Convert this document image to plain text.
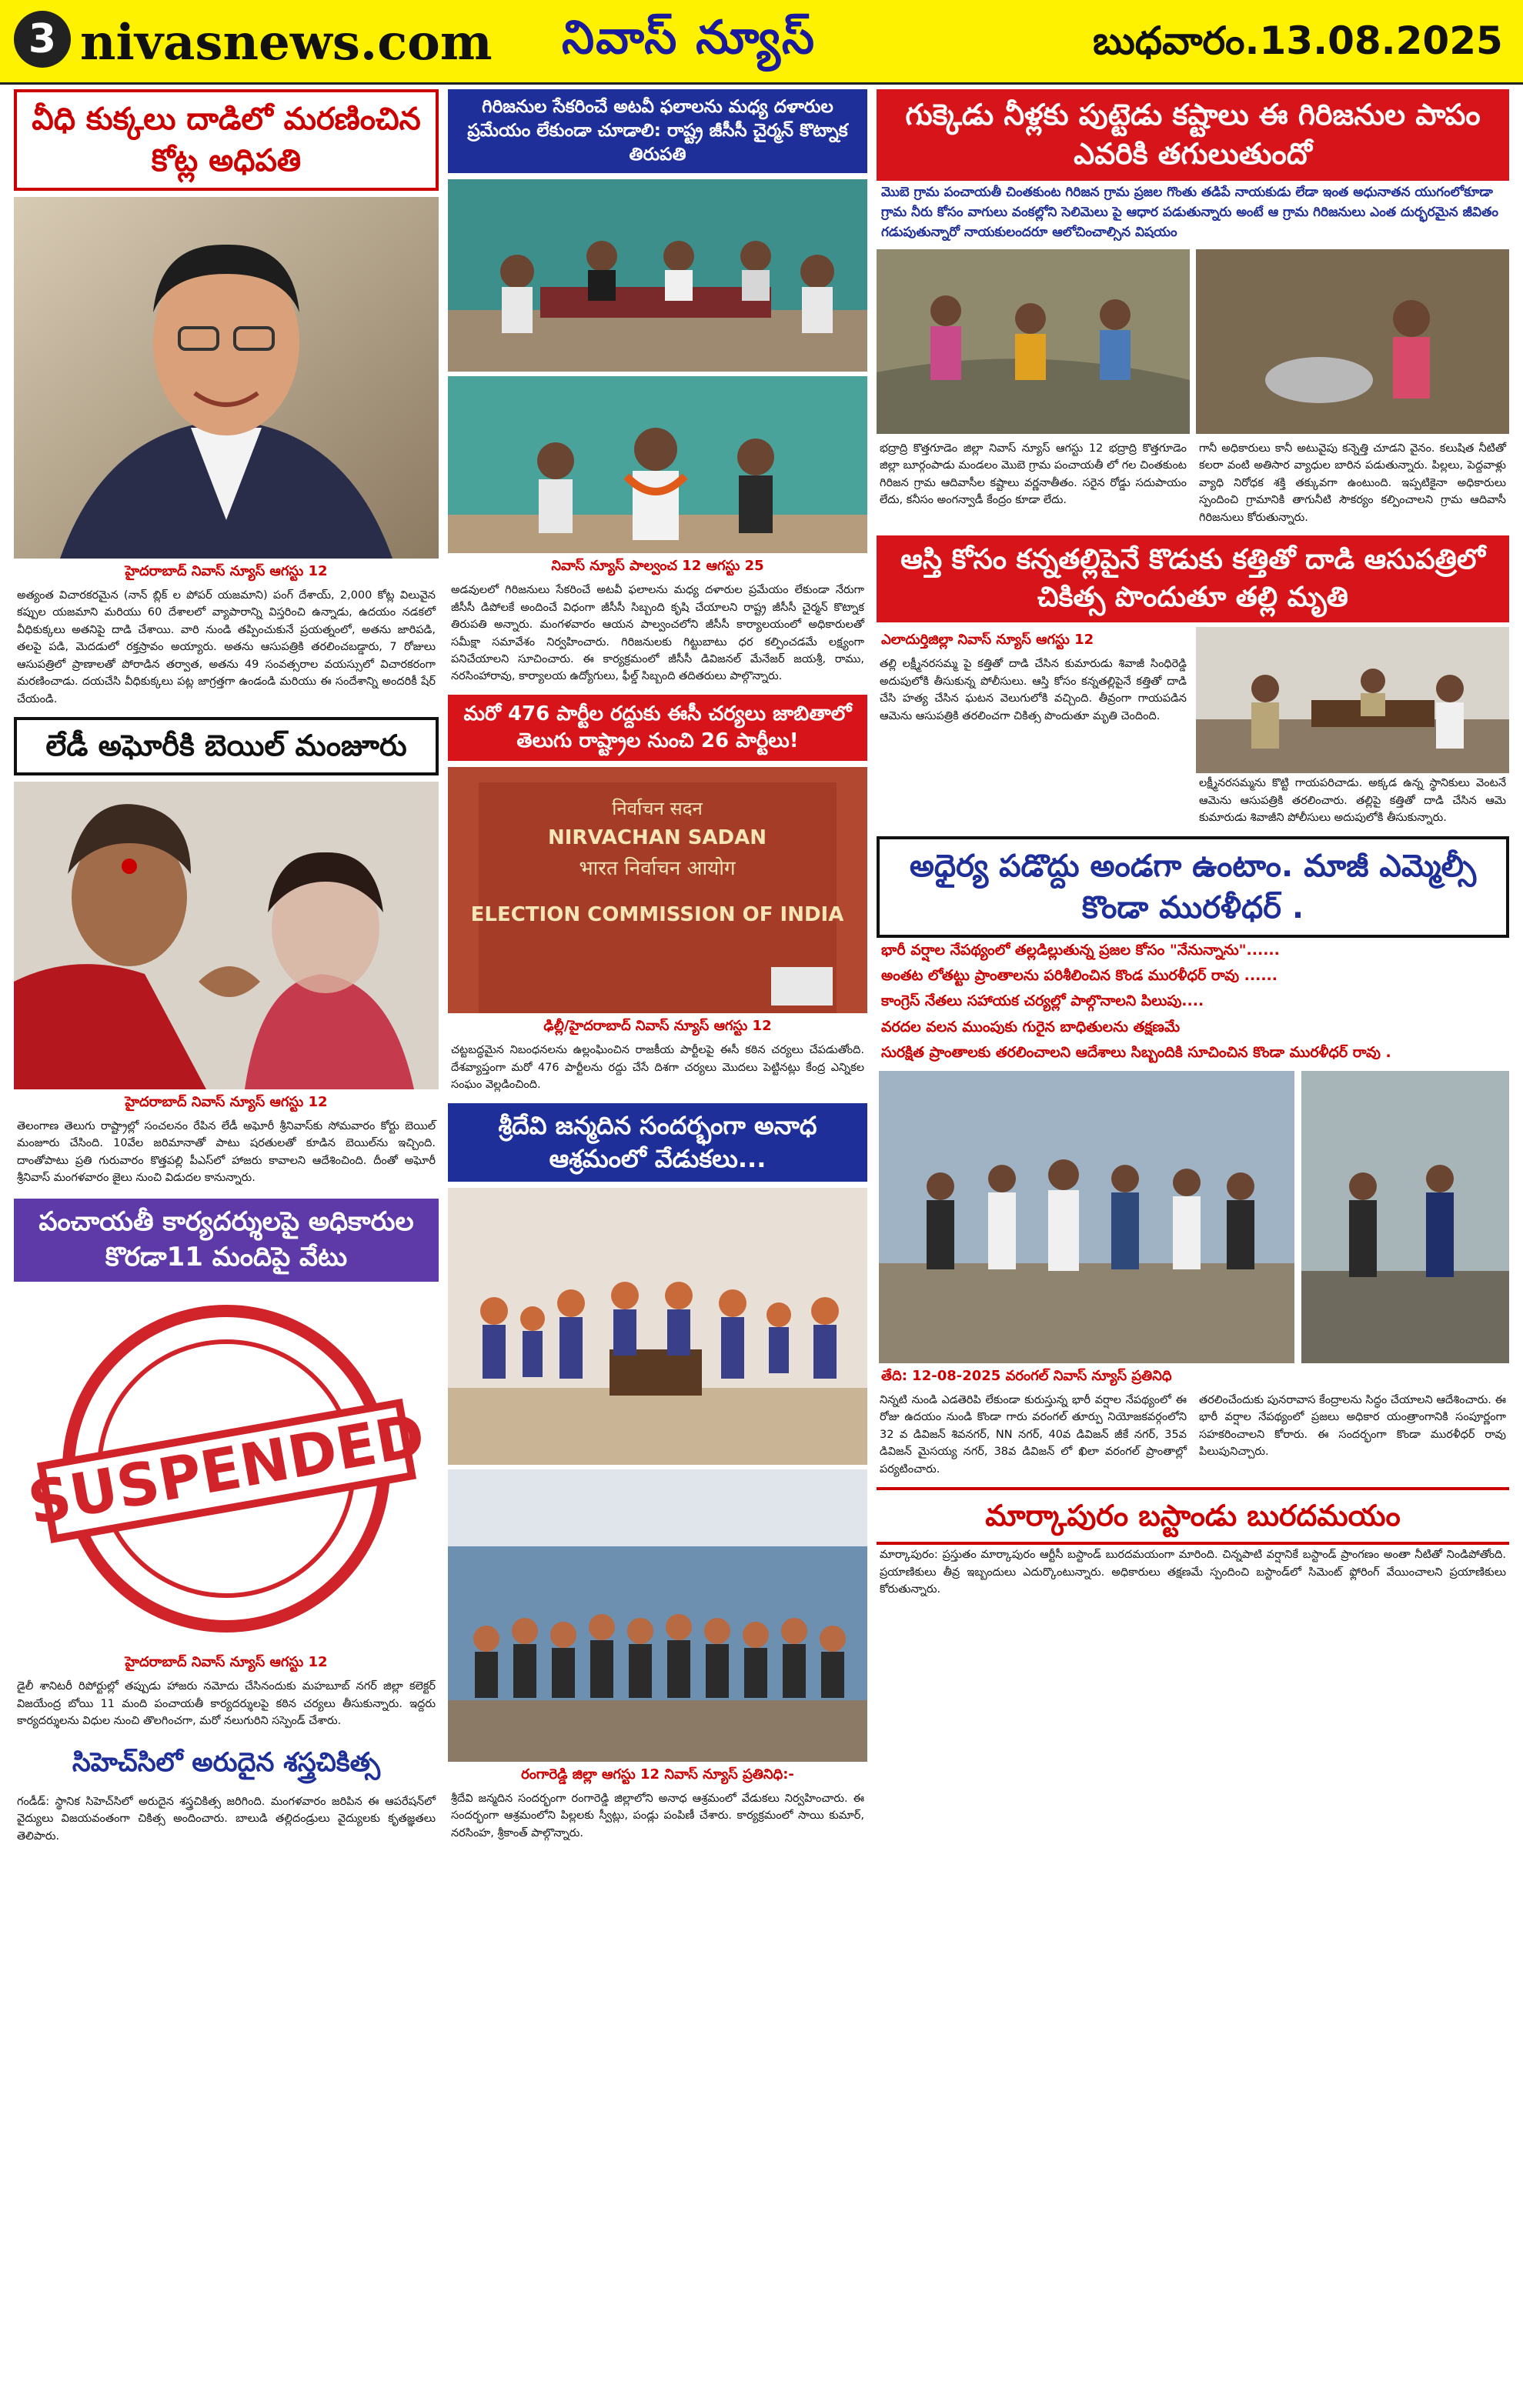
3 nivasnews.com నివాస్ న్యూస్	బుధవారం.13.08.2025
వీధి కుక్కలు దాడిలో మరణించిన కోట్ల అధిపతి
హైదరాబాద్ నివాస్ న్యూస్ ఆగస్టు 12
అత్యంత విచారకరమైన (నాన్ బ్లిక్ ల పోపర్ యజమాని) పంగ్ దేశాయ్, 2,000 కోట్ల విలువైన కప్పుల యజమాని మరియు 60 దేశాలలో వ్యాపారాన్ని విస్తరించి ఉన్నాడు, ఉదయం నడకలో వీధికుక్కలు అతనిపై దాడి చేశాయి. వారి నుండి తప్పించుకునే ప్రయత్నంలో, అతను జారిపడి, తలపై పడి, మెదడులో రక్తస్రావం అయ్యారు. అతను ఆసుపత్రికి తరలించబడ్డారు, 7 రోజులు ఆసుపత్రిలో ప్రాణాలతో పోరాడిన తర్వాత, అతను 49 సంవత్సరాల వయస్సులో విచారకరంగా మరణించాడు. దయచేసి వీధికుక్కలు పట్ల జాగ్రత్తగా ఉండండి మరియు ఈ సందేశాన్ని అందరికీ షేర్ చేయండి.
లేడీ అఘోరీకి బెయిల్ మంజూరు
హైదరాబాద్ నివాస్ న్యూస్ ఆగస్టు 12
తెలంగాణ తెలుగు రాష్ట్రాల్లో సంచలనం రేపిన లేడీ అఘోరీ శ్రీనివాస్‌కు సోమవారం కోర్టు బెయిల్ మంజూరు చేసింది. 10వేల జరిమానాతో పాటు షరతులతో కూడిన బెయిల్‌ను ఇచ్చింది. దాంతోపాటు ప్రతి గురువారం కొత్తపల్లి పీఎస్‌లో హాజరు కావాలని ఆదేశించింది. దీంతో అఘోరీ శ్రీనివాస్ మంగళవారం జైలు నుంచి విడుదల కానున్నారు.
పంచాయతీ కార్యదర్శులపై అధికారుల కొరడా11 మందిపై వేటు
SUSPENDED
హైదరాబాద్ నివాస్ న్యూస్ ఆగస్టు 12
డైలీ శానిటరీ రిపోర్టుల్లో తప్పుడు హాజరు నమోదు చేసినందుకు మహబూబ్ నగర్ జిల్లా కలెక్టర్ విజయేంద్ర బోయి 11 మంది పంచాయతీ కార్యదర్శులపై కఠిన చర్యలు తీసుకున్నారు. ఇద్దరు కార్యదర్శులను విధుల నుంచి తొలగించగా, మరో నలుగురిని సస్పెండ్ చేశారు.
సిహెచ్‌సిలో అరుదైన శస్త్రచికిత్స
గండీడ్: స్థానిక సిహెచ్‌సిలో అరుదైన శస్త్రచికిత్స జరిగింది. మంగళవారం జరిపిన ఈ ఆపరేషన్‌లో వైద్యులు విజయవంతంగా చికిత్స అందించారు. బాలుడి తల్లిదండ్రులు వైద్యులకు కృతజ్ఞతలు తెలిపారు.
గిరిజనుల సేకరించే అటవీ ఫలాలను మధ్య దళారుల ప్రమేయం లేకుండా చూడాలి: రాష్ట్ర జీసీసీ చైర్మన్ కొట్నాక తిరుపతి
నివాస్ న్యూస్ పాల్వంచ 12 ఆగస్టు 25
అడవులలో గిరిజనులు సేకరించే అటవీ ఫలాలను మధ్య దళారుల ప్రమేయం లేకుండా నేరుగా జీసీసీ డిపోలకే అందించే విధంగా జీసీసీ సిబ్బంది కృషి చేయాలని రాష్ట్ర జీసీసీ చైర్మన్ కొట్నాక తిరుపతి అన్నారు. మంగళవారం ఆయన పాల్వంచలోని జీసీసీ కార్యాలయంలో అధికారులతో సమీక్షా సమావేశం నిర్వహించారు. గిరిజనులకు గిట్టుబాటు ధర కల్పించడమే లక్ష్యంగా పనిచేయాలని సూచించారు. ఈ కార్యక్రమంలో జీసీసీ డివిజనల్ మేనేజర్ జయశ్రీ, రాము, నరసింహారావు, కార్యాలయ ఉద్యోగులు, ఫీల్డ్ సిబ్బంది తదితరులు పాల్గొన్నారు.
మరో 476 పార్టీల రద్దుకు ఈసీ చర్యలు జాబితాలో తెలుగు రాష్ట్రాల నుంచి 26 పార్టీలు!
निर्वाचन सदन
NIRVACHAN SADAN
भारत निर्वाचन आयोग
ELECTION COMMISSION OF INDIA
ఢిల్లీ/హైదరాబాద్ నివాస్ న్యూస్ ఆగస్టు 12
చట్టబద్ధమైన నిబంధనలను ఉల్లంఘించిన రాజకీయ పార్టీలపై ఈసీ కఠిన చర్యలు చేపడుతోంది. దేశవ్యాప్తంగా మరో 476 పార్టీలను రద్దు చేసే దిశగా చర్యలు మొదలు పెట్టినట్లు కేంద్ర ఎన్నికల సంఘం వెల్లడించింది.
శ్రీదేవి జన్మదిన సందర్భంగా అనాధ ఆశ్రమంలో వేడుకలు...
రంగారెడ్డి జిల్లా ఆగస్టు 12 నివాస్ న్యూస్ ప్రతినిధి:-
శ్రీదేవి జన్మదిన సందర్భంగా రంగారెడ్డి జిల్లాలోని అనాధ ఆశ్రమంలో వేడుకలు నిర్వహించారు. ఈ సందర్భంగా ఆశ్రమంలోని పిల్లలకు స్వీట్లు, పండ్లు పంపిణీ చేశారు. కార్యక్రమంలో సాయి కుమార్, నరసింహ, శ్రీకాంత్ పాల్గొన్నారు.
గుక్కెడు నీళ్లకు పుట్టెడు కష్టాలు ఈ గిరిజనుల పాపం ఎవరికి తగులుతుందో
మొబె గ్రామ పంచాయతీ చింతకుంట గిరిజన గ్రామ ప్రజల గొంతు తడిపే నాయకుడు లేడా ఇంత అధునాతన యుగంలోకూడా గ్రామ నీరు కోసం వాగులు వంకల్లోని సెలిమెలు పై ఆధార పడుతున్నారు అంటే ఆ గ్రామ గిరిజనులు ఎంత దుర్భరమైన జీవితం గడుపుతున్నారో నాయకులందరూ ఆలోచించాల్సిన విషయం
భద్రాద్రి కొత్తగూడెం జిల్లా నివాస్ న్యూస్ ఆగస్టు 12 భద్రాద్రి కొత్తగూడెం జిల్లా బూర్గంపాడు మండలం మొబె గ్రామ పంచాయతీ లో గల చింతకుంట గిరిజన గ్రామ ఆదివాసీల కష్టాలు వర్ణనాతీతం. సరైన రోడ్డు సదుపాయం లేదు, కనీసం అంగన్వాడీ కేంద్రం కూడా లేదు.
గానీ అధికారులు కానీ అటువైపు కన్నెత్తి చూడని వైనం. కలుషిత నీటితో కలరా వంటి అతిసార వ్యాధుల బారిన పడుతున్నారు. పిల్లలు, పెద్దవాళ్లు వ్యాధి నిరోధక శక్తి తక్కువగా ఉంటుంది. ఇప్పటికైనా అధికారులు స్పందించి గ్రామానికి తాగునీటి సౌకర్యం కల్పించాలని గ్రామ ఆదివాసీ గిరిజనులు కోరుతున్నారు.
ఆస్తి కోసం కన్నతల్లిపైనే కొడుకు కత్తితో దాడి ఆసుపత్రిలో చికిత్స పొందుతూ తల్లి మృతి
ఎలాదుర్తిజిల్లా నివాస్ న్యూస్ ఆగస్టు 12
తల్లి లక్ష్మీనరసమ్మ పై కత్తితో దాడి చేసిన కుమారుడు శివాజీ సింధిరెడ్డి అదుపులోకి తీసుకున్న పోలీసులు. ఆస్తి కోసం కన్నతల్లిపైనే కత్తితో దాడి చేసి హత్య చేసిన ఘటన వెలుగులోకి వచ్చింది. తీవ్రంగా గాయపడిన ఆమెను ఆసుపత్రికి తరలించగా చికిత్స పొందుతూ మృతి చెందింది.
లక్ష్మీనరసమ్మను కొట్టి గాయపరిచాడు. అక్కడ ఉన్న స్థానికులు వెంటనే ఆమెను ఆసుపత్రికి తరలించారు. తల్లిపై కత్తితో దాడి చేసిన ఆమె కుమారుడు శివాజీని పోలీసులు అదుపులోకి తీసుకున్నారు.
అధైర్య పడొద్దు అండగా ఉంటాం. మాజీ ఎమ్మెల్సీ కొండా మురళీధర్ .
భారీ వర్షాల నేపథ్యంలో తల్లడిల్లుతున్న ప్రజల కోసం "నేనున్నాను"......
అంతట లోతట్టు ప్రాంతాలను పరిశీలించిన కొండ మురళీధర్ రావు ......
కాంగ్రెస్ నేతలు సహాయక చర్యల్లో పాల్గొనాలని పిలుపు....
వరదల వలన ముంపుకు గురైన బాధితులను తక్షణమే
సురక్షిత ప్రాంతాలకు తరలించాలని ఆదేశాలు సిబ్బందికి సూచించిన కొండా మురళీధర్ రావు .
తేది: 12-08-2025 వరంగల్ నివాస్ న్యూస్ ప్రతినిధి
నిన్నటి నుండి ఎడతెరిపి లేకుండా కురుస్తున్న భారీ వర్షాల నేపథ్యంలో ఈ రోజు ఉదయం నుండి కొండా గారు వరంగల్ తూర్పు నియోజకవర్గంలోని 32 వ డివిజన్ శివనగర్, NN నగర్, 40వ డివిజన్ జీకే నగర్, 35వ డివిజన్ మైసయ్య నగర్, 38వ డివిజన్ లో ఖిలా వరంగల్ ప్రాంతాల్లో పర్యటించారు.
తరలించేందుకు పునరావాస కేంద్రాలను సిద్ధం చేయాలని ఆదేశించారు. ఈ భారీ వర్షాల నేపథ్యంలో ప్రజలు అధికార యంత్రాంగానికి సంపూర్ణంగా సహకరించాలని కోరారు. ఈ సందర్భంగా కొండా మురళీధర్ రావు పిలుపునిచ్చారు.
మార్కాపురం బస్టాండు బురదమయం
మార్కాపురం: ప్రస్తుతం మార్కాపురం ఆర్టీసీ బస్టాండ్ బురదమయంగా మారింది. చిన్నపాటి వర్షానికే బస్టాండ్ ప్రాంగణం అంతా నీటితో నిండిపోతోంది. ప్రయాణికులు తీవ్ర ఇబ్బందులు ఎదుర్కొంటున్నారు. అధికారులు తక్షణమే స్పందించి బస్టాండ్‌లో సిమెంట్ ఫ్లోరింగ్ వేయించాలని ప్రయాణికులు కోరుతున్నారు.
